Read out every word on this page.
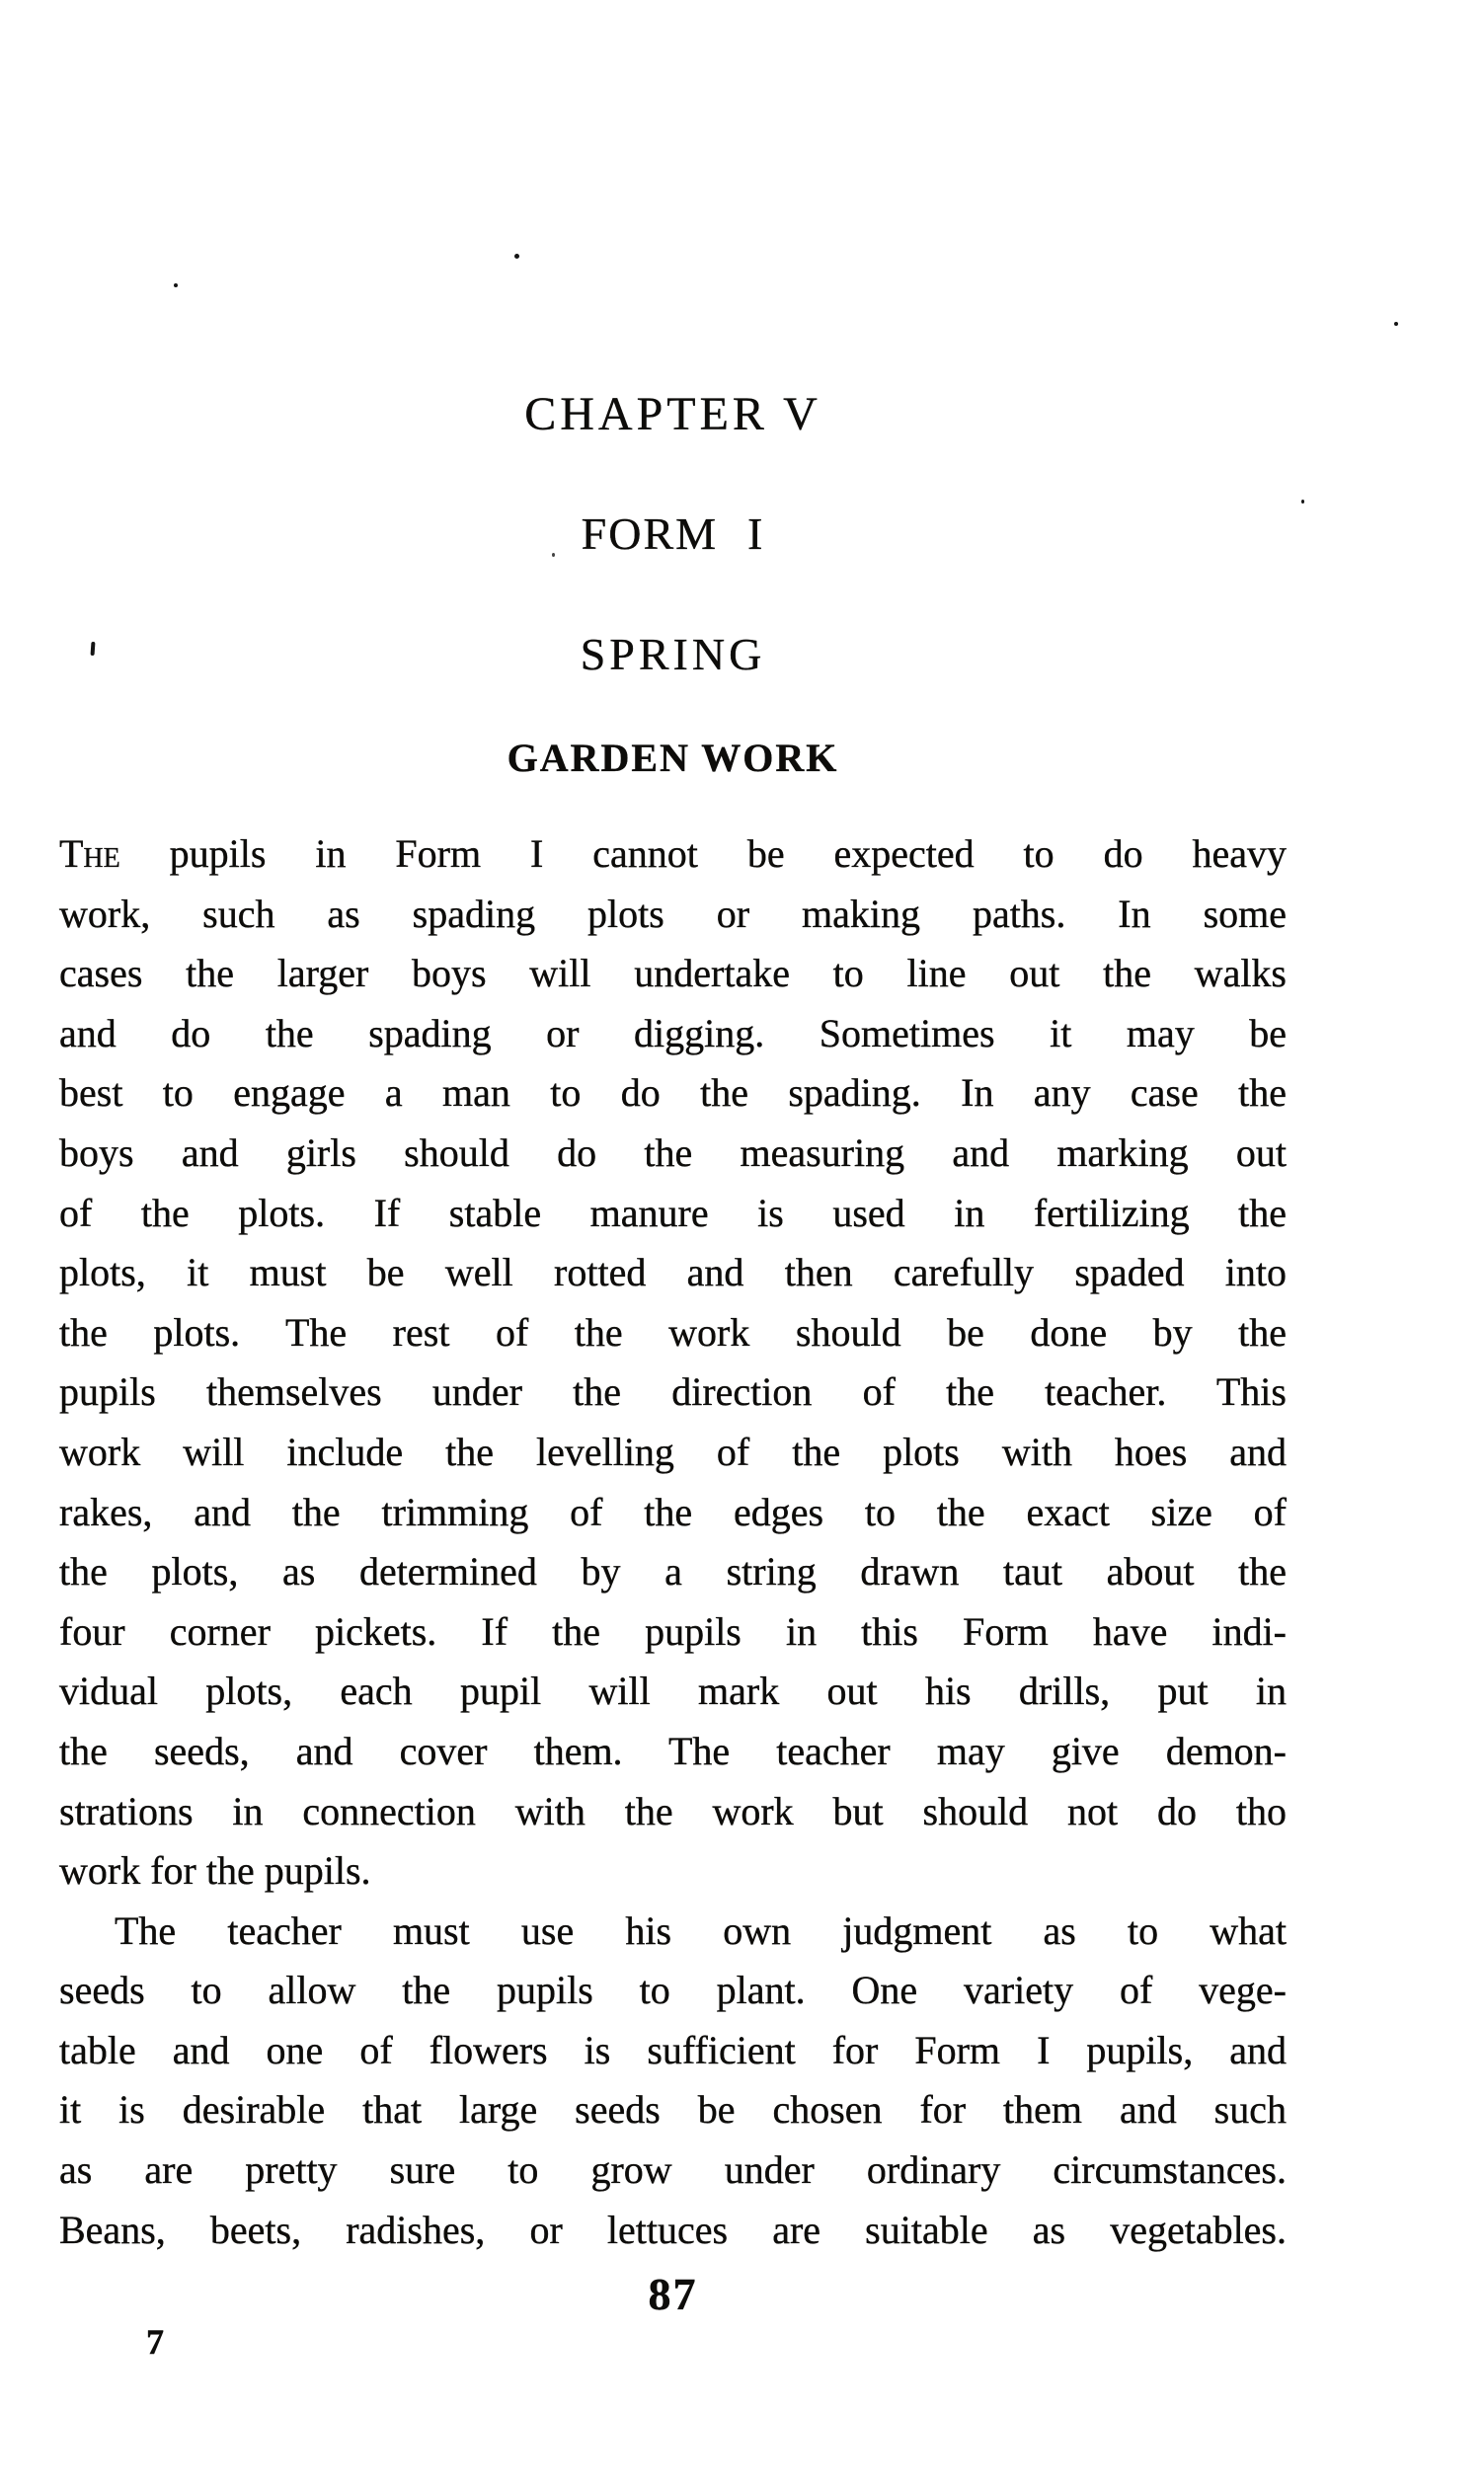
CHAPTER V
FORM I
SPRING
GARDEN WORK
The pupils in Form I cannot be expected to do heavy
work, such as spading plots or making paths. In some
cases the larger boys will undertake to line out the walks
and do the spading or digging. Sometimes it may be
best to engage a man to do the spading. In any case the
boys and girls should do the measuring and marking out
of the plots. If stable manure is used in fertilizing the
plots, it must be well rotted and then carefully spaded into
the plots. The rest of the work should be done by the
pupils themselves under the direction of the teacher. This
work will include the levelling of the plots with hoes and
rakes, and the trimming of the edges to the exact size of
the plots, as determined by a string drawn taut about the
four corner pickets. If the pupils in this Form have indi-
vidual plots, each pupil will mark out his drills, put in
the seeds, and cover them. The teacher may give demon-
strations in connection with the work but should not do tho
work for the pupils.
The teacher must use his own judgment as to what
seeds to allow the pupils to plant. One variety of vege-
table and one of flowers is sufficient for Form I pupils, and
it is desirable that large seeds be chosen for them and such
as are pretty sure to grow under ordinary circumstances.
Beans, beets, radishes, or lettuces are suitable as vegetables.
87
7
